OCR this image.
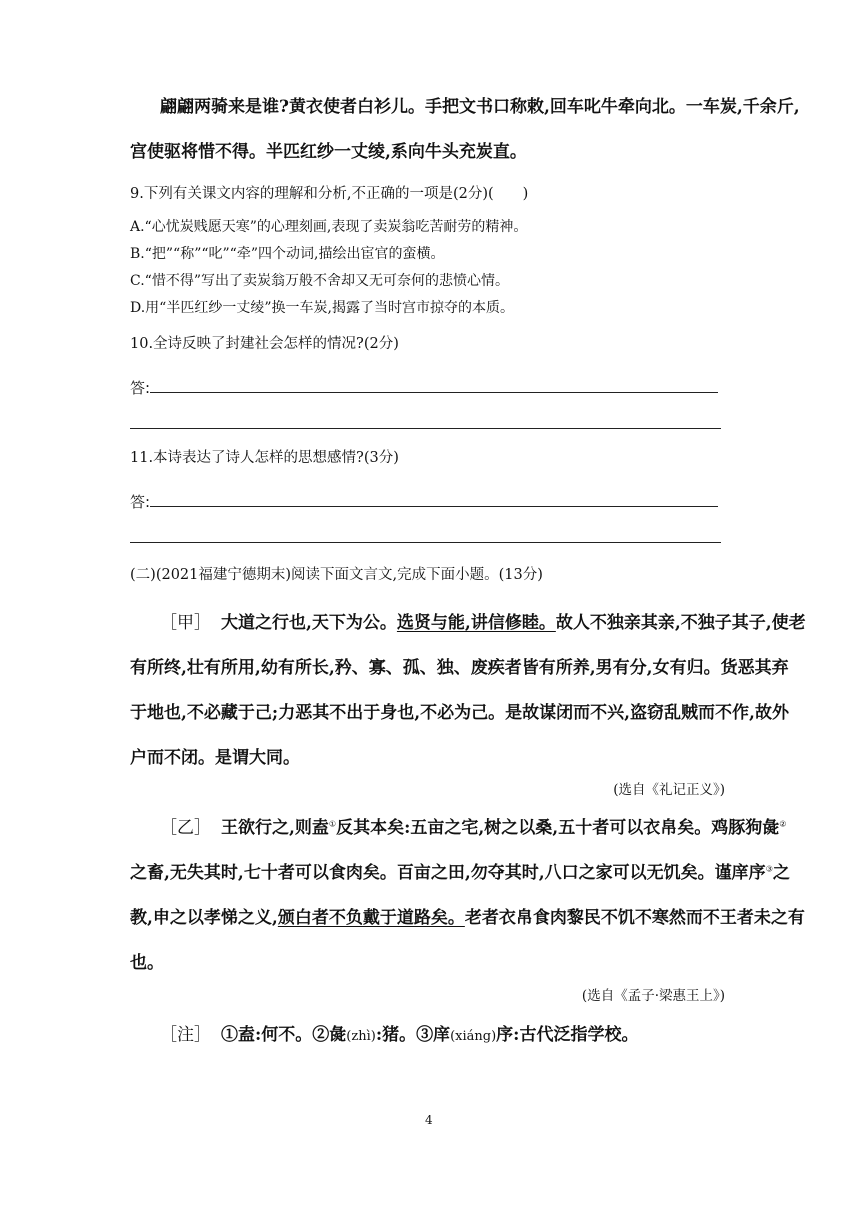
翩翩两骑来是谁?黄衣使者白衫儿。手把文书口称敕,回车叱牛牵向北。一车炭,千余斤,
宫使驱将惜不得。半匹红纱一丈绫,系向牛头充炭直。
9.下列有关课文内容的理解和分析,不正确的一项是(2分)(　　)
A.“心忧炭贱愿天寒”的心理刻画,表现了卖炭翁吃苦耐劳的精神。
B.“把”“称”“叱”“牵”四个动词,描绘出宦官的蛮横。
C.“惜不得”写出了卖炭翁万般不舍却又无可奈何的悲愤心情。
D.用“半匹红纱一丈绫”换一车炭,揭露了当时宫市掠夺的本质。
10.全诗反映了封建社会怎样的情况?(2分)
答:
11.本诗表达了诗人怎样的思想感情?(3分)
答:
(二)(2021福建宁德期末)阅读下面文言文,完成下面小题。(13分)
［甲］ 大道之行也,天下为公。选贤与能,讲信修睦。故人不独亲其亲,不独子其子,使老
有所终,壮有所用,幼有所长,矜、寡、孤、独、废疾者皆有所养,男有分,女有归。货恶其弃
于地也,不必藏于己;力恶其不出于身也,不必为己。是故谋闭而不兴,盗窃乱贼而不作,故外
户而不闭。是谓大同。
(选自《礼记正义》)
［乙］ 王欲行之,则盍①反其本矣:五亩之宅,树之以桑,五十者可以衣帛矣。鸡豚狗彘②
之畜,无失其时,七十者可以食肉矣。百亩之田,勿夺其时,八口之家可以无饥矣。谨庠序③之
教,申之以孝悌之义,颁白者不负戴于道路矣。老者衣帛食肉黎民不饥不寒然而不王者未之有
也。
(选自《孟子·梁惠王上》)
［注］ ①盍:何不。②彘(zhì):猪。③庠(xiáng)序:古代泛指学校。
4
